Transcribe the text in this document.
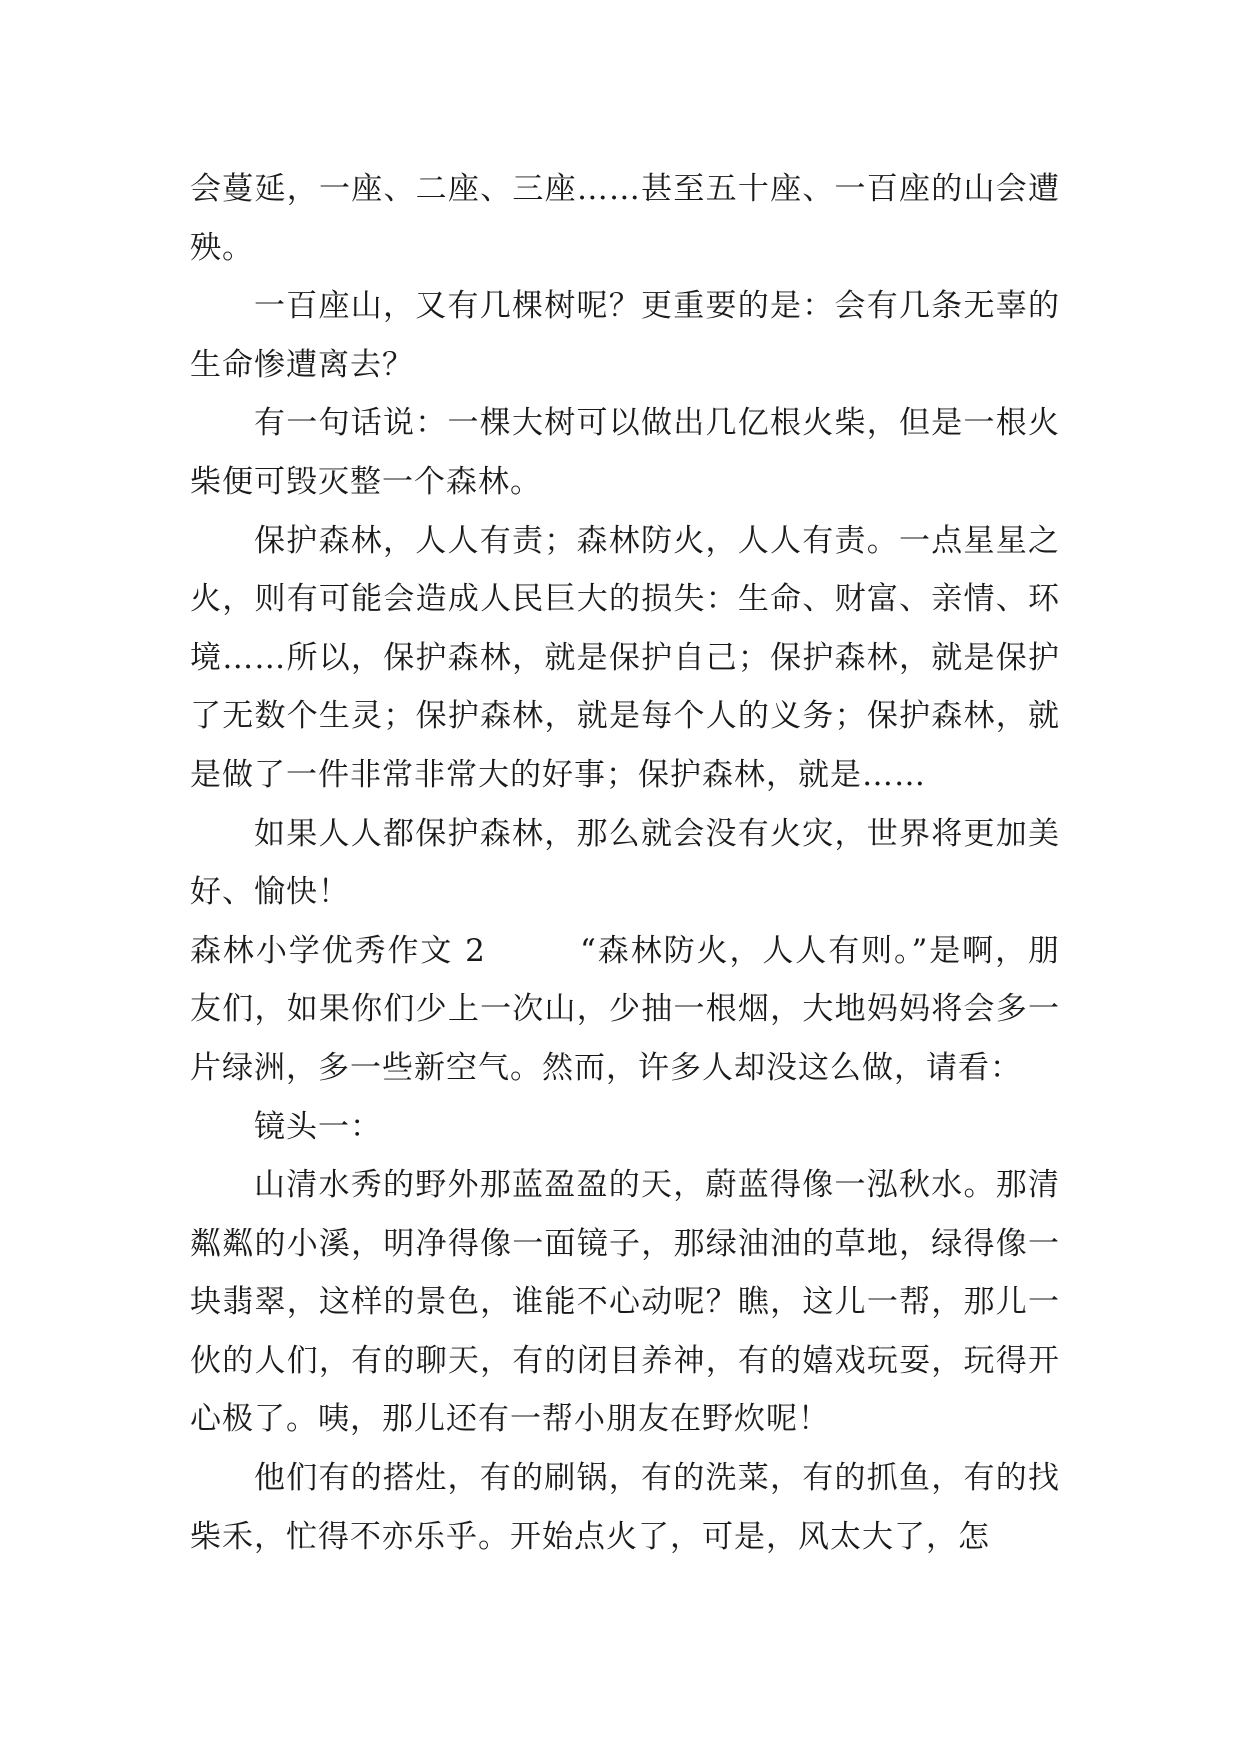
会蔓延，一座、二座、三座……甚至五十座、一百座的山会遭殃。

一百座山，又有几棵树呢？更重要的是：会有几条无辜的生命惨遭离去？

有一句话说：一棵大树可以做出几亿根火柴，但是一根火柴便可毁灭整一个森林。

保护森林，人人有责；森林防火，人人有责。一点星星之火，则有可能会造成人民巨大的损失：生命、财富、亲情、环境……所以，保护森林，就是保护自己；保护森林，就是保护了无数个生灵；保护森林，就是每个人的义务；保护森林，就是做了一件非常非常大的好事；保护森林，就是……

如果人人都保护森林，那么就会没有火灾，世界将更加美好、愉快！

森林小学优秀作文 2	“森林防火，人人有则。”是啊，朋友们，如果你们少上一次山，少抽一根烟，大地妈妈将会多一片绿洲，多一些新空气。然而，许多人却没这么做，请看：

镜头一：

山清水秀的野外那蓝盈盈的天，蔚蓝得像一泓秋水。那清粼粼的小溪，明净得像一面镜子，那绿油油的草地，绿得像一块翡翠，这样的景色，谁能不心动呢？瞧，这儿一帮，那儿一伙的人们，有的聊天，有的闭目养神，有的嬉戏玩耍，玩得开心极了。咦，那儿还有一帮小朋友在野炊呢！

他们有的搭灶，有的刷锅，有的洗菜，有的抓鱼，有的找柴禾，忙得不亦乐乎。开始点火了，可是，风太大了，怎
